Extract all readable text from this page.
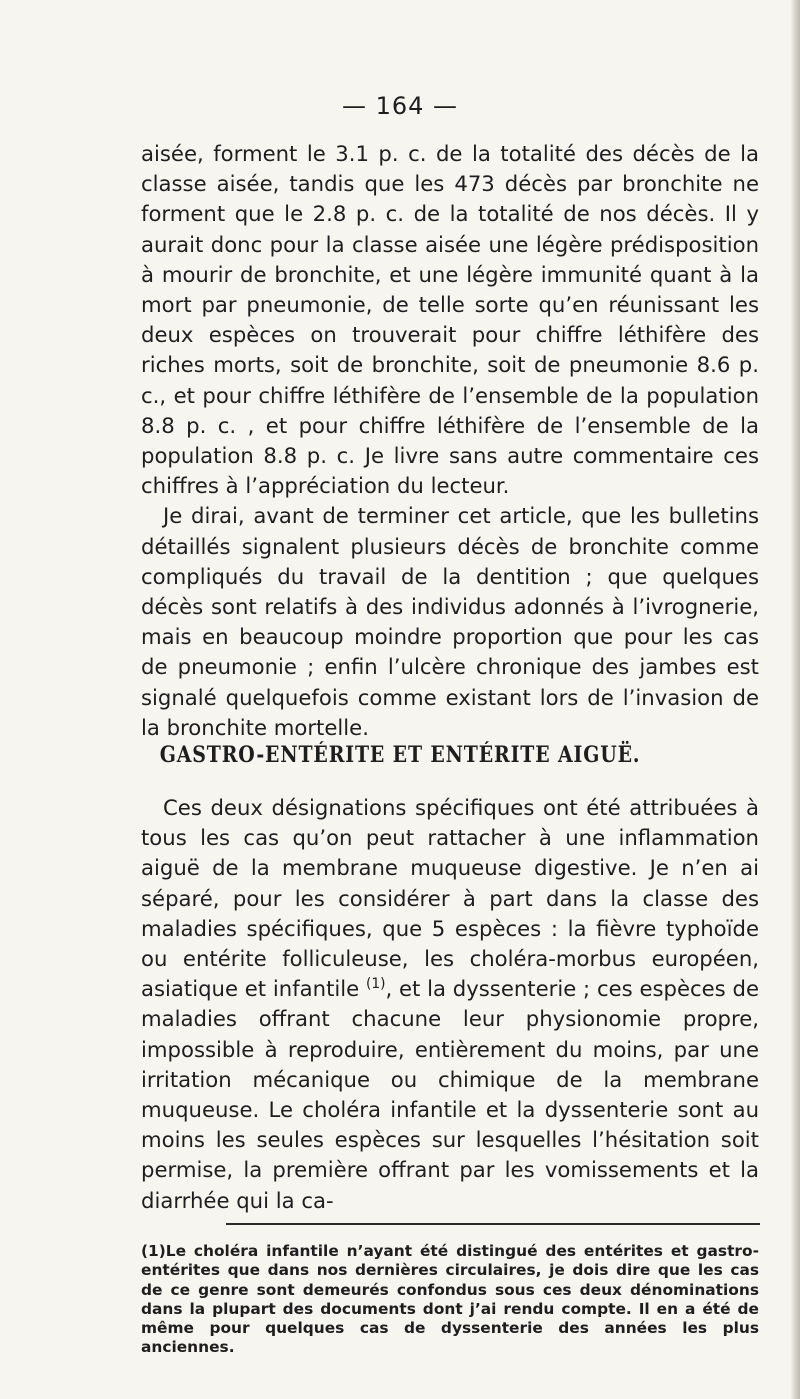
— 164 —

aisée, forment le 3.1 p. c. de la totalité des décès de la classe aisée, tandis que les 473 décès par bronchite ne forment que le 2.8 p. c. de la totalité de nos décès. Il y aurait donc pour la classe aisée une légère prédisposition à mourir de bronchite, et une légère immunité quant à la mort par pneumonie, de telle sorte qu’en réunissant les deux espèces on trouverait pour chiffre léthifère des riches morts, soit de bronchite, soit de pneumonie 8.6 p. c., et pour chiffre léthifère de l’ensemble de la population 8.8 p. c. , et pour chiffre léthifère de l’ensemble de la population 8.8 p. c. Je livre sans autre commentaire ces chiffres à l’appréciation du lecteur.

Je dirai, avant de terminer cet article, que les bulletins détaillés signalent plusieurs décès de bronchite comme compliqués du travail de la dentition ; que quelques décès sont relatifs à des individus adonnés à l’ivrognerie, mais en beaucoup moindre proportion que pour les cas de pneumonie ; enfin l’ulcère chronique des jambes est signalé quelquefois comme existant lors de l’invasion de la bronchite mortelle.

GASTRO-ENTÉRITE ET ENTÉRITE AIGUË.

Ces deux désignations spécifiques ont été attribuées à tous les cas qu’on peut rattacher à une inflammation aiguë de la membrane muqueuse digestive. Je n’en ai séparé, pour les considérer à part dans la classe des maladies spécifiques, que 5 espèces : la fièvre typhoïde ou entérite folliculeuse, les choléra-morbus européen, asiatique et infantile $^{(1)}$, et la dyssenterie ; ces espèces de maladies offrant chacune leur physionomie propre, impossible à reproduire, entièrement du moins, par une irritation mécanique ou chimique de la membrane muqueuse. Le choléra infantile et la dyssenterie sont au moins les seules espèces sur lesquelles l’hésitation soit permise, la première offrant par les vomissements et la diarrhée qui la ca-

(1)Le choléra infantile n’ayant été distingué des entérites et gastro-entérites que dans nos dernières circulaires, je dois dire que les cas de ce genre sont demeurés confondus sous ces deux dénominations dans la plupart des documents dont j’ai rendu compte. Il en a été de même pour quelques cas de dyssenterie des années les plus anciennes.
